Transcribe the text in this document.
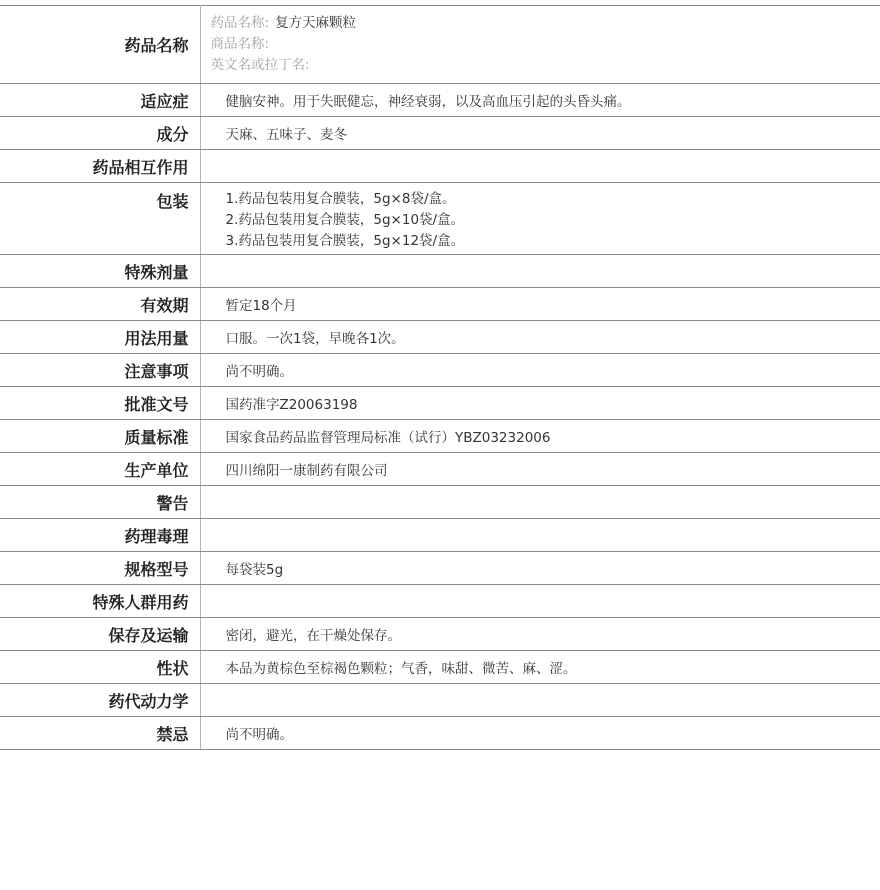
药品名称	药品名称: 复方天麻颗粒
商品名称:
英文名或拉丁名:

适应症	健脑安神。用于失眠健忘，神经衰弱，以及高血压引起的头昏头痛。
成分	天麻、五味子、麦冬
药品相互作用	
包装	1.药品包装用复合膜装，5g×8袋/盒。
2.药品包装用复合膜装，5g×10袋/盒。
3.药品包装用复合膜装，5g×12袋/盒。

特殊剂量	
有效期	暂定18个月
用法用量	口服。一次1袋，早晚各1次。
注意事项	尚不明确。
批准文号	国药准字Z20063198
质量标准	国家食品药品监督管理局标准（试行）YBZ03232006
生产单位	四川绵阳一康制药有限公司
警告	
药理毒理	
规格型号	每袋装5g
特殊人群用药	
保存及运输	密闭，避光，在干燥处保存。
性状	本品为黄棕色至棕褐色颗粒；气香，味甜、微苦、麻、涩。
药代动力学	
禁忌	尚不明确。
